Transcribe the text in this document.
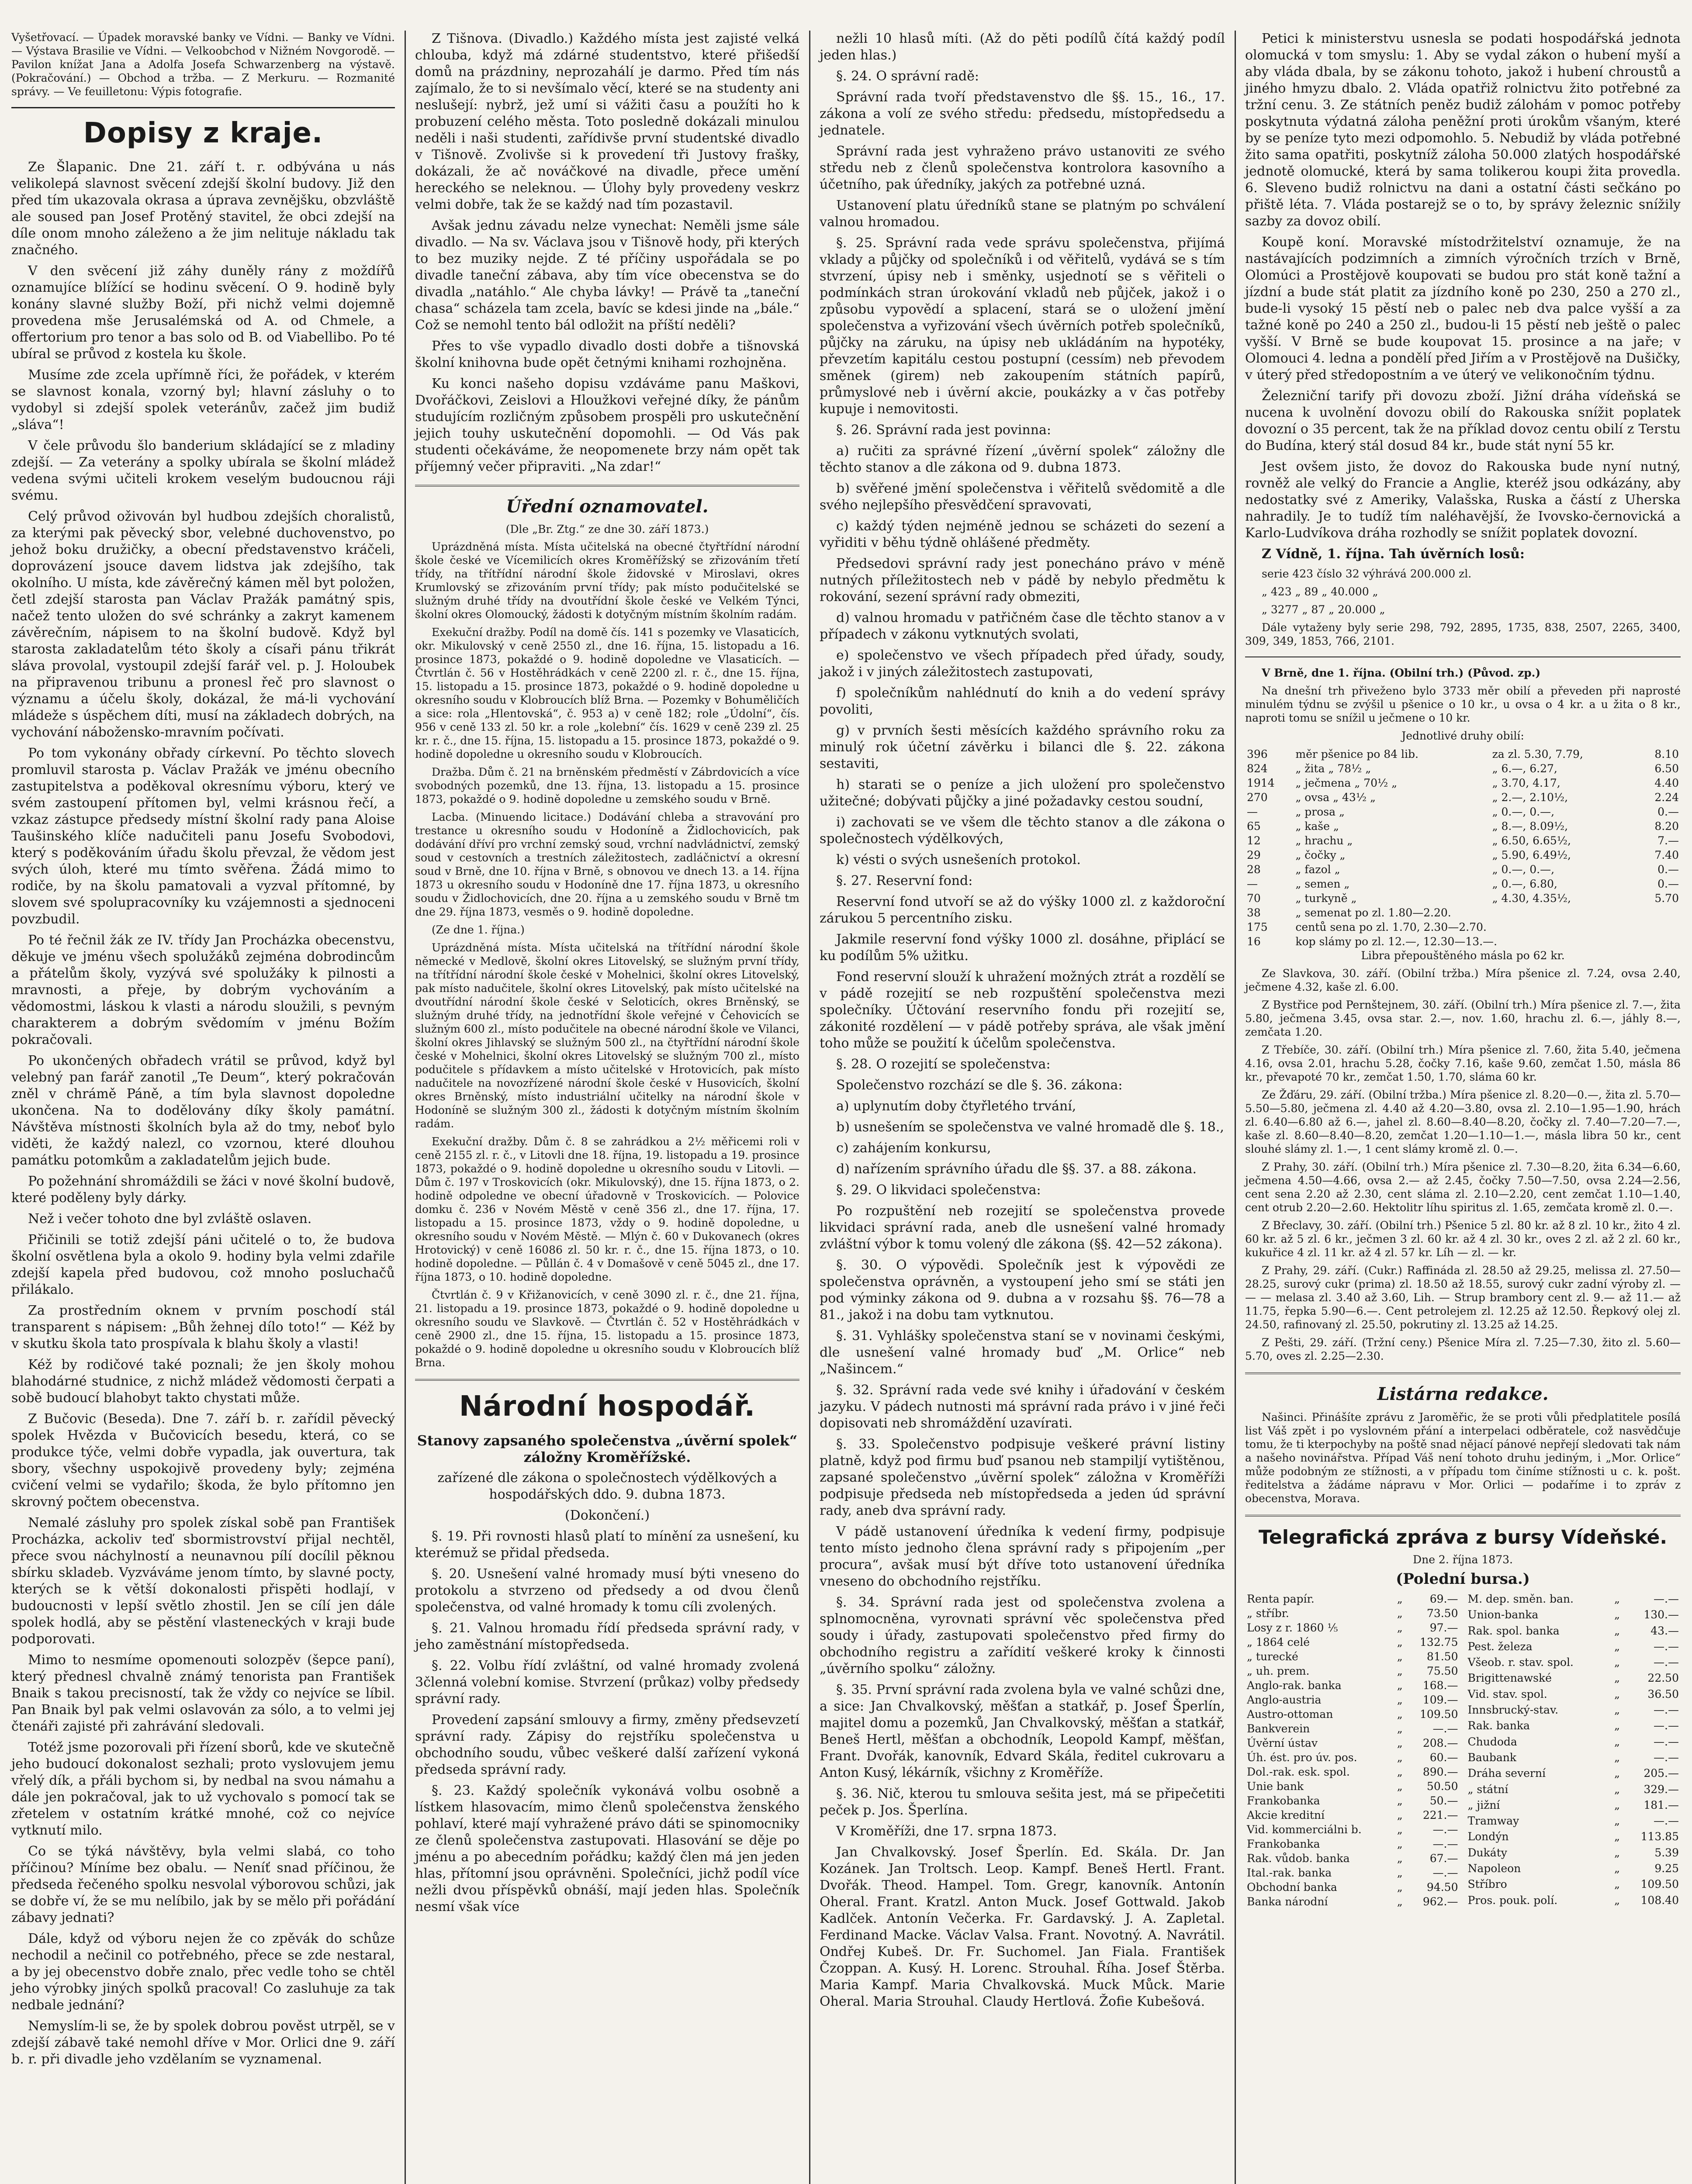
Vyšetřovací. — Úpadek moravské banky ve Vídni. — Banky ve Vídni. — Výstava Brasilie ve Vídni. — Velkoobchod v Nižném Novgorodě. — Pavilon knížat Jana a Adolfa Josefa Schwarzenberg na výstavě. (Pokračování.) — Obchod a tržba. — Z Merkuru. — Rozmanité správy. — Ve feuilletonu: Výpis fotografie.

Dopisy z kraje.

Ze Šlapanic. Dne 21. září t. r. odbývána u nás velikolepá slavnost svěcení zdejší školní budovy. Již den před tím ukazovala okrasa a úprava zevnějšku, obzvláště ale soused pan Josef Protěný stavitel, že obci zdejší na díle onom mnoho záleženo a že jim nelituje nákladu tak značného.

V den svěcení již záhy duněly rány z moždířů oznamujíce blížící se hodinu svěcení. O 9. hodině byly konány slavné služby Boží, při nichž velmi dojemně provedena mše Jerusalémská od A. od Chmele, a offertorium pro tenor a bas solo od B. od Viabellibo. Po té ubíral se průvod z kostela ku škole.

Musíme zde zcela upřímně říci, že pořádek, v kterém se slavnost konala, vzorný byl; hlavní zásluhy o to vydobyl si zdejší spolek veteránův, začež jim budiž „sláva“!

V čele průvodu šlo banderium skládající se z mladiny zdejší. — Za veterány a spolky ubírala se školní mládež vedena svými učiteli krokem veselým budoucnou ráji svému.

Celý průvod oživován byl hudbou zdejších choralistů, za kterými pak pěvecký sbor, velebné duchovenstvo, po jehož boku družičky, a obecní představenstvo kráčeli, doprovázení jsouce davem lidstva jak zdejšího, tak okolního. U místa, kde závěrečný kámen měl byt položen, četl zdejší starosta pan Václav Pražák památný spis, načež tento uložen do své schránky a zakryt kamenem závěrečním, nápisem to na školní budově. Když byl starosta zakladatelům této školy a císaři pánu třikrát sláva provolal, vystoupil zdejší farář vel. p. J. Holoubek na připravenou tribunu a pronesl řeč pro slavnost o významu a účelu školy, dokázal, že má-li vychování mládeže s úspěchem díti, musí na základech dobrých, na vychování nábožensko-mravním počívati.

Po tom vykonány obřady církevní. Po těchto slovech promluvil starosta p. Václav Pražák ve jménu obecního zastupitelstva a poděkoval okresnímu výboru, který ve svém zastoupení přítomen byl, velmi krásnou řečí, a vzkaz zástupce předsedy místní školní rady pana Aloise Taušinského klíče nadučiteli panu Josefu Svobodovi, který s poděkováním úřadu školu převzal, že vědom jest svých úloh, které mu tímto svěřena. Žádá mimo to rodiče, by na školu pamatovali a vyzval přítomné, by slovem své spolupracovníky ku vzájemnosti a sjednoceni povzbudil.

Po té řečnil žák ze IV. třídy Jan Procházka obecenstvu, děkuje ve jménu všech spolužáků zejména dobrodincům a přátelům školy, vyzývá své spolužáky k pilnosti a mravnosti, a přeje, by dobrým vychováním a vědomostmi, láskou k vlasti a národu sloužili, s pevným charakterem a dobrým svědomím v jménu Božím pokračovali.

Po ukončených obřadech vrátil se průvod, když byl velebný pan farář zanotil „Te Deum“, který pokračován zněl v chrámě Páně, a tím byla slavnost dopoledne ukončena. Na to dodělovány díky školy památní. Návštěva místnosti školních byla až do tmy, neboť bylo viděti, že každý nalezl, co vzornou, které dlouhou památku potomkům a zakladatelům jejich bude.

Po požehnání shromáždili se žáci v nové školní budově, které poděleny byly dárky.

Než i večer tohoto dne byl zvláště oslaven.

Přičinili se totiž zdejší páni učitelé o to, že budova školní osvětlena byla a okolo 9. hodiny byla velmi zdařile zdejší kapela před budovou, což mnoho posluchačů přilákalo.

Za prostředním oknem v prvním poschodí stál transparent s nápisem: „Bůh žehnej dílo toto!“ — Kéž by v skutku škola tato prospívala k blahu školy a vlasti!

Kéž by rodičové také poznali; že jen školy mohou blahodárné studnice, z nichž mládež vědomosti čerpati a sobě budoucí blahobyt takto chystati může.

Z Bučovic (Beseda). Dne 7. září b. r. zařídil pěvecký spolek Hvězda v Bučovicích besedu, která, co se produkce týče, velmi dobře vypadla, jak ouvertura, tak sbory, všechny uspokojivě provedeny byly; zejména cvičení velmi se vydařilo; škoda, že bylo přítomno jen skrovný počtem obecenstva.

Nemalé zásluhy pro spolek získal sobě pan František Procházka, ackoliv teď sbormistrovství přijal nechtěl, přece svou náchylností a neunavnou pílí docílil pěknou sbírku skladeb. Vyzváváme jenom tímto, by slavné pocty, kterých se k větší dokonalosti přispěti hodlají, v budoucnosti v lepší světlo zhostil. Jen se cílí jen dále spolek hodlá, aby se pěstění vlasteneckých v kraji bude podporovati.

Mimo to nesmíme opomenouti solozpěv (šepce paní), který přednesl chvalně známý tenorista pan František Bnaik s takou precisností, tak že vždy co nejvíce se líbil. Pan Bnaik byl pak velmi oslavován za sólo, a to velmi jej čtenáři zajisté při zahrávání sledovali.

Totéž jsme pozorovali při řízení sborů, kde ve skutečně jeho budoucí dokonalost sezhali; proto vyslovujem jemu vřelý dík, a přáli bychom si, by nedbal na svou námahu a dále jen pokračoval, jak to už vychovalo s pomocí tak se zřetelem v ostatním krátké mnohé, což co nejvíce vytknutí milo.

Co se týká návštěvy, byla velmi slabá, co toho příčinou? Míníme bez obalu. — Neníť snad příčinou, že předseda řečeného spolku nesvolal výborovou schůzi, jak se dobře ví, že se mu nelíbilo, jak by se mělo při pořádání zábavy jednati?

Dále, když od výboru nejen že co zpěvák do schůze nechodil a nečinil co potřebného, přece se zde nestaral, a by jej obecenstvo dobře znalo, přec vedle toho se chtěl jeho výrobky jiných spolků pracoval! Co zasluhuje za tak nedbale jednání?

Nemyslím-li se, že by spolek dobrou pověst utrpěl, se v zdejší zábavě také nemohl dříve v Mor. Orlici dne 9. září b. r. při divadle jeho vzdělaním se vyznamenal.

Z Tišnova. (Divadlo.) Každého místa jest zajisté velká chlouba, když má zdárné studentstvo, které přišedší domů na prázdniny, neprozahálí je darmo. Před tím nás zajímalo, že to si nevšímalo věcí, které se na studenty ani neslušejí: nybrž, jež umí si vážiti času a použíti ho k probuzení celého města. Toto posledně dokázali minulou neděli i naši studenti, zařídivše první studentské divadlo v Tišnově. Zvolivše si k provedení tři Justovy frašky, dokázali, že ač nováčkové na divadle, přece umění hereckého se neleknou. — Úlohy byly provedeny veskrz velmi dobře, tak že se každý nad tím pozastavil.

Avšak jednu závadu nelze vynechat: Neměli jsme sále divadlo. — Na sv. Václava jsou v Tišnově hody, při kterých to bez muziky nejde. Z té příčiny uspořádala se po divadle taneční zábava, aby tím více obecenstva se do divadla „natáhlo.“ Ale chyba lávky! — Právě ta „taneční chasa“ scházela tam zcela, bavíc se kdesi jinde na „bále.“ Což se nemohl tento bál odložit na příští neděli?

Přes to vše vypadlo divadlo dosti dobře a tišnovská školní knihovna bude opět četnými knihami rozhojněna.

Ku konci našeho dopisu vzdáváme panu Maškovi, Dvořáčkovi, Zeislovi a Hloužkovi veřejné díky, že pánům studujícím rozličným způsobem prospěli pro uskutečnění jejich touhy uskutečnění dopomohli. — Od Vás pak studenti očekáváme, že neopomenete brzy nám opět tak příjemný večer připraviti. „Na zdar!“

Úřední oznamovatel.
(Dle „Br. Ztg.“ ze dne 30. září 1873.)

Uprázdněná místa. Místa učitelská na obecné čtyřtřídní národní škole české ve Vícemilicích okres Kroměřížský se zřizováním třetí třídy, na třítřídní národní škole židovské v Miroslavi, okres Krumlovský se zřizováním první třídy; pak místo podučitelské se služným druhé třídy na dvoutřídní škole české ve Velkém Týnci, školní okres Olomoucký, žádosti k dotyčným místním školním radám.

Exekuční dražby. Podíl na domě čís. 141 s pozemky ve Vlasaticích, okr. Mikulovský v ceně 2550 zl., dne 16. října, 15. listopadu a 16. prosince 1873, pokaždé o 9. hodině dopoledne ve Vlasaticích. — Čtvrtlán č. 56 v Hostěhrádkách v ceně 2200 zl. r. č., dne 15. října, 15. listopadu a 15. prosince 1873, pokaždé o 9. hodině dopoledne u okresního soudu v Klobroucích blíž Brna. — Pozemky v Bohuměličích a sice: rola „Hlentovská“, č. 953 a) v ceně 182; role „Údolní“, čís. 956 v ceně 133 zl. 50 kr. a role „kolební“ čís. 1629 v ceně 239 zl. 25 kr. r. č., dne 15. října, 15. listopadu a 15. prosince 1873, pokaždé o 9. hodině dopoledne u okresního soudu v Klobroucích.

Dražba. Dům č. 21 na brněnském předměstí v Zábrdovicích a více svobodných pozemků, dne 13. října, 13. listopadu a 15. prosince 1873, pokaždé o 9. hodině dopoledne u zemského soudu v Brně.

Lacba. (Minuendo licitace.) Dodávání chleba a stravování pro trestance u okresního soudu v Hodoníně a Židlochovicích, pak dodávání dříví pro vrchní zemský soud, vrchní nadvládnictví, zemský soud v cestovních a trestních záležitostech, zadláčnictví a okresní soud v Brně, dne 10. října v Brně, s obnovou ve dnech 13. a 14. října 1873 u okresního soudu v Hodoníně dne 17. října 1873, u okresního soudu v Židlochovicích, dne 20. října a u zemského soudu v Brně tm dne 29. října 1873, vesměs o 9. hodině dopoledne.

(Ze dne 1. října.)

Uprázdněná místa. Místa učitelská na třítřídní národní škole německé v Medlově, školní okres Litovelský, se služným první třídy, na třítřídní národní škole české v Mohelnici, školní okres Litovelský, pak místo nadučitele, školní okres Litovelský, pak místo učitelské na dvoutřídní národní škole české v Seloticích, okres Brněnský, se služným druhé třídy, na jednotřídní škole veřejné v Čehovicích se služným 600 zl., místo podučitele na obecné národní škole ve Vilanci, školní okres Jihlavský se služným 500 zl., na čtyřtřídní národní škole české v Mohelnici, školní okres Litovelský se služným 700 zl., místo podučitele s přídavkem a místo učitelské v Hrotovicích, pak místo nadučitele na novozřízené národní škole české v Husovicích, školní okres Brněnský, místo industriální učitelky na národní škole v Hodoníně se služným 300 zl., žádosti k dotyčným místním školním radám.

Exekuční dražby. Dům č. 8 se zahrádkou a 2½ měřicemi roli v ceně 2155 zl. r. č., v Litovli dne 18. října, 19. listopadu a 19. prosince 1873, pokaždé o 9. hodině dopoledne u okresního soudu v Litovli. — Dům č. 197 v Troskovicích (okr. Mikulovský), dne 15. října 1873, o 2. hodině odpoledne ve obecní úřadovně v Troskovicích. — Polovice domku č. 236 v Novém Městě v ceně 356 zl., dne 17. října, 17. listopadu a 15. prosince 1873, vždy o 9. hodině dopoledne, u okresního soudu v Novém Městě. — Mlýn č. 60 v Dukovanech (okres Hrotovický) v ceně 16086 zl. 50 kr. r. č., dne 15. října 1873, o 10. hodině dopoledne. — Půllán č. 4 v Domašově v ceně 5045 zl., dne 17. října 1873, o 10. hodině dopoledne.

Čtvrtlán č. 9 v Křižanovicích, v ceně 3090 zl. r. č., dne 21. října, 21. listopadu a 19. prosince 1873, pokaždé o 9. hodině dopoledne u okresního soudu ve Slavkově. — Čtvrtlán č. 52 v Hostěhrádkách v ceně 2900 zl., dne 15. října, 15. listopadu a 15. prosince 1873, pokaždé o 9. hodině dopoledne u okresního soudu v Klobroucích blíž Brna.

Národní hospodář.

Stanovy zapsaného společenstva „úvěrní spolek“ záložny Kroměřížské.

zařízené dle zákona o společnostech výdělkových a hospodářských ddo. 9. dubna 1873.

(Dokončení.)

§. 19. Při rovnosti hlasů platí to mínění za usnešení, ku kterémuž se přidal předseda.

§. 20. Usnešení valné hromady musí býti vneseno do protokolu a stvrzeno od předsedy a od dvou členů společenstva, od valné hromady k tomu cíli zvolených.

§. 21. Valnou hromadu řídí předseda správní rady, v jeho zaměstnání místopředseda.

§. 22. Volbu řídí zvláštní, od valné hromady zvolená 3členná volební komise. Stvrzení (průkaz) volby předsedy správní rady.

Provedení zapsání smlouvy a firmy, změny předsevzetí správní rady. Zápisy do rejstříku společenstva u obchodního soudu, vůbec veškeré další zařízení vykoná předseda správní rady.

§. 23. Každý společník vykonává volbu osobně a lístkem hlasovacím, mimo členů společenstva ženského pohlaví, které mají vyhražené právo dáti se spinomocniky ze členů společenstva zastupovati. Hlasování se děje po jménu a po abecedním pořádku; každý člen má jen jeden hlas, přítomní jsou oprávněni. Společníci, jichž podíl více nežli dvou příspěvků obnáší, mají jeden hlas. Společník nesmí však více

nežli 10 hlasů míti. (Až do pěti podílů čítá každý podíl jeden hlas.)

§. 24. O správní radě:

Správní rada tvoří představenstvo dle §§. 15., 16., 17. zákona a volí ze svého středu: předsedu, místopředsedu a jednatele.

Správní rada jest vyhraženo právo ustanoviti ze svého středu neb z členů společenstva kontrolora kasovního a účetního, pak úředníky, jakých za potřebné uzná.

Ustanovení platu úředníků stane se platným po schválení valnou hromadou.

§. 25. Správní rada vede správu společenstva, přijímá vklady a půjčky od společníků i od věřitelů, vydává se s tím stvrzení, úpisy neb i směnky, usjednotí se s věřiteli o podmínkách stran úrokování vkladů neb půjček, jakož i o způsobu vypovědí a splacení, stará se o uložení jmění společenstva a vyřizování všech úvěrních potřeb společníků, půjčky na záruku, na úpisy neb ukládáním na hypotéky, převzetím kapitálu cestou postupní (cessím) neb převodem směnek (girem) neb zakoupením státních papírů, průmyslové neb i úvěrní akcie, poukázky a v čas potřeby kupuje i nemovitosti.

§. 26. Správní rada jest povinna:

a) ručiti za správné řízení „úvěrní spolek“ záložny dle těchto stanov a dle zákona od 9. dubna 1873.

b) svěřené jmění společenstva i věřitelů svědomitě a dle svého nejlepšího přesvědčení spravovati,

c) každý týden nejméně jednou se scházeti do sezení a vyřiditi v běhu týdně ohlášené předměty.

Předsedovi správní rady jest ponecháno právo v méně nutných příležitostech neb v pádě by nebylo předmětu k rokování, sezení správní rady obmeziti,

d) valnou hromadu v patřičném čase dle těchto stanov a v případech v zákonu vytknutých svolati,

e) společenstvo ve všech případech před úřady, soudy, jakož i v jiných záležitostech zastupovati,

f) společníkům nahlédnutí do knih a do vedení správy povoliti,

g) v prvních šesti měsících každého správního roku za minulý rok účetní závěrku i bilanci dle §. 22. zákona sestaviti,

h) starati se o peníze a jich uložení pro společenstvo užitečné; dobývati půjčky a jiné požadavky cestou soudní,

i) zachovati se ve všem dle těchto stanov a dle zákona o společnostech výdělkových,

k) vésti o svých usnešeních protokol.

§. 27. Reservní fond:

Reservní fond utvoří se až do výšky 1000 zl. z každoroční zárukou 5 percentního zisku.

Jakmile reservní fond výšky 1000 zl. dosáhne, připlácí se ku podílům 5% užitku.

Fond reservní slouží k uhražení možných ztrát a rozdělí se v pádě rozejití se neb rozpuštění společenstva mezi společníky. Účtování reservního fondu při rozejití se, zákonité rozdělení — v pádě potřeby správa, ale však jmění toho může se použití k účelům společenstva.

§. 28. O rozejití se společenstva:

Společenstvo rozchází se dle §. 36. zákona:

a) uplynutím doby čtyřletého trvání,

b) usnešením se společenstva ve valné hromadě dle §. 18.,

c) zahájením konkursu,

d) nařízením správního úřadu dle §§. 37. a 88. zákona.

§. 29. O likvidaci společenstva:

Po rozpuštění neb rozejití se společenstva provede likvidaci správní rada, aneb dle usnešení valné hromady zvláštní výbor k tomu volený dle zákona (§§. 42—52 zákona).

§. 30. O výpovědi. Společník jest k výpovědi ze společenstva oprávněn, a vystoupení jeho smí se státi jen pod výminky zákona od 9. dubna a v rozsahu §§. 76—78 a 81., jakož i na dobu tam vytknutou.

§. 31. Vyhlášky společenstva staní se v novinami českými, dle usnešení valné hromady buď „M. Orlice“ neb „Našincem.“

§. 32. Správní rada vede své knihy i úřadování v českém jazyku. V pádech nutnosti má správní rada právo i v jiné řeči dopisovati neb shromáždění uzavírati.

§. 33. Společenstvo podpisuje veškeré právní listiny platně, když pod firmu buď psanou neb stampiljí vytištěnou, zapsané společenstvo „úvěrní spolek“ záložna v Kroměříži podpisuje předseda neb místopředseda a jeden úd správní rady, aneb dva správní rady.

V pádě ustanovení úředníka k vedení firmy, podpisuje tento místo jednoho člena správní rady s připojením „per procura“, avšak musí být dříve toto ustanovení úředníka vneseno do obchodního rejstříku.

§. 34. Správní rada jest od společenstva zvolena a splnomocněna, vyrovnati správní věc společenstva před soudy i úřady, zastupovati společenstvo před firmy do obchodního registru a zařídití veškeré kroky k činnosti „úvěrního spolku“ záložny.

§. 35. První správní rada zvolena byla ve valné schůzi dne, a sice: Jan Chvalkovský, měšťan a statkář, p. Josef Šperlín, majitel domu a pozemků, Jan Chvalkovský, měšťan a statkář, Beneš Hertl, měšťan a obchodník, Leopold Kampf, měšťan, Frant. Dvořák, kanovník, Edvard Skála, ředitel cukrovaru a Anton Kusý, lékárník, všichny z Kroměříže.

§. 36. Nič, kterou tu smlouva sešita jest, má se připečetiti peček p. Jos. Šperlína.

V Kroměříži, dne 17. srpna 1873.

Jan Chvalkovský. Josef Šperlín. Ed. Skála. Dr. Jan Kozánek. Jan Troltsch. Leop. Kampf. Beneš Hertl. Frant. Dvořák. Theod. Hampel. Tom. Gregr, kanovník. Antonín Oheral. Frant. Kratzl. Anton Muck. Josef Gottwald. Jakob Kadlček. Antonín Večerka. Fr. Gardavský. J. A. Zapletal. Ferdinand Macke. Václav Valsa. Frant. Novotný. A. Navrátil. Ondřej Kubeš. Dr. Fr. Suchomel. Jan Fiala. František Čzoppan. A. Kusý. H. Lorenc. Strouhal. Říha. Josef Štěrba. Maria Kampf. Maria Chvalkovská. Muck Můck. Marie Oheral. Maria Strouhal. Claudy Hertlová. Žofie Kubešová.

Petici k ministerstvu usnesla se podati hospodářská jednota olomucká v tom smyslu: 1. Aby se vydal zákon o hubení myší a aby vláda dbala, by se zákonu tohoto, jakož i hubení chroustů a jiného hmyzu dbalo. 2. Vláda opatřiž rolnictvu žito potřebné za tržní cenu. 3. Ze státních peněz budiž zálohám v pomoc potřeby poskytnuta výdatná záloha peněžní proti úrokům všaným, které by se peníze tyto mezi odpomohlo. 5. Nebudiž by vláda potřebné žito sama opatřiti, poskytníž záloha 50.000 zlatých hospodářské jednotě olomucké, která by sama tolikerou koupi žita provedla. 6. Sleveno budiž rolnictvu na dani a ostatní části sečkáno po přiště léta. 7. Vláda postarejž se o to, by správy železnic snížily sazby za dovoz obilí.

Koupě koní. Moravské místodržitelství oznamuje, že na nastávajících podzimních a zimních výročních trzích v Brně, Olomúci a Prostějově koupovati se budou pro stát koně tažní a jízdní a bude stát platit za jízdního koně po 230, 250 a 270 zl., bude-li vysoký 15 pěstí neb o palec neb dva palce vyšší a za tažné koně po 240 a 250 zl., budou-li 15 pěstí neb ještě o palec vyšší. V Brně se bude koupovat 15. prosince a na jaře; v Olomouci 4. ledna a pondělí před Jiřím a v Prostějově na Dušičky, v úterý před středopostním a ve úterý ve velikonočním týdnu.

Železniční tarify při dovozu zboží. Jižní dráha vídeňská se nucena k uvolnění dovozu obilí do Rakouska snížit poplatek dovozní o 35 percent, tak že na příklad dovoz centu obilí z Terstu do Budína, který stál dosud 84 kr., bude stát nyní 55 kr.

Jest ovšem jisto, že dovoz do Rakouska bude nyní nutný, rovněž ale velký do Francie a Anglie, kteréž jsou odkázány, aby nedostatky své z Ameriky, Valašska, Ruska a částí z Uherska nahradily. Je to tudíž tím naléhavější, že Ivovsko-černovická a Karlo-Ludvíkova dráha rozhodly se snížit poplatek dovozní.

Z Vídně, 1. října. Tah úvěrních losů:

serie 423 číslo 32 výhrává 200.000 zl.

„ 423 „ 89 „ 40.000 „

„ 3277 „ 87 „ 20.000 „

Dále vytaženy byly serie 298, 792, 2895, 1735, 838, 2507, 2265, 3400, 309, 349, 1853, 766, 2101.

V Brně, dne 1. října. (Obilní trh.) (Původ. zp.)

Na dnešní trh přiveženo bylo 3733 měr obilí a převeden při naprosté minulém týdnu se zvýšil u pšenice o 10 kr., u ovsa o 4 kr. a u žita o 8 kr., naproti tomu se snížil u ječmene o 10 kr.

Jednotlivé druhy obilí:

396	měr pšenice po 84 lib.	za zl. 5.30, 7.79,	8.10
824	„ žita „ 78½ „	„ 6.—, 6.27,	6.50
1914	„ ječmena „ 70½ „	„ 3.70, 4.17,	4.40
270	„ ovsa „ 43½ „	„ 2.—, 2.10½,	2.24
—	„ prosa „	„ 0.—, 0.—,	0.—
65	„ kaše „	„ 8.—, 8.09½,	8.20
12	„ hrachu „	„ 6.50, 6.65½,	7.—
29	„ čočky „	„ 5.90, 6.49½,	7.40
28	„ fazol „	„ 0.—, 0.—,	0.—
—	„ semen „	„ 0.—, 6.80,	0.—
70	„ turkyně „	„ 4.30, 4.35½,	5.70
38	„ semenat po zl. 1.80—2.20.		
175	centů sena po zl. 1.70, 2.30—2.70.		
16	kop slámy po zl. 12.—, 12.30—13.—.		

Libra přepouštěného másla po 62 kr.

Ze Slavkova, 30. září. (Obilní tržba.) Míra pšenice zl. 7.24, ovsa 2.40, ječmene 4.32, kaše zl. 6.00.

Z Bystřice pod Pernštejnem, 30. září. (Obilní trh.) Míra pšenice zl. 7.—, žita 5.80, ječmena 3.45, ovsa star. 2.—, nov. 1.60, hrachu zl. 6.—, jáhly 8.—, zemčata 1.20.

Z Třebíče, 30. září. (Obilní trh.) Míra pšenice zl. 7.60, žita 5.40, ječmena 4.16, ovsa 2.01, hrachu 5.28, čočky 7.16, kaše 9.60, zemčat 1.50, másla 86 kr., převapoté 70 kr., zemčat 1.50, 1.70, sláma 60 kr.

Ze Žďáru, 29. září. (Obilní tržba.) Míra pšenice zl. 8.20—0.—, žita zl. 5.70—5.50—5.80, ječmena zl. 4.40 až 4.20—3.80, ovsa zl. 2.10—1.95—1.90, hrách zl. 6.40—6.80 až 6.—, jahel zl. 8.60—8.40—8.20, čočky zl. 7.40—7.20—7.—, kaše zl. 8.60—8.40—8.20, zemčat 1.20—1.10—1.—, másla libra 50 kr., cent slouhé slámy zl. 1.—, 1 cent slámy kromě zl. 0.—.

Z Prahy, 30. září. (Obilní trh.) Míra pšenice zl. 7.30—8.20, žita 6.34—6.60, ječmena 4.50—4.66, ovsa 2.— až 2.45, čočky 7.50—7.50, ovsa 2.24—2.56, cent sena 2.20 až 2.30, cent sláma zl. 2.10—2.20, cent zemčat 1.10—1.40, cent otrub 2.20—2.60. Hektolitr líhu spiritus zl. 1.65, zemčata kromě zl. 0.—.

Z Břeclavy, 30. září. (Obilní trh.) Pšenice 5 zl. 80 kr. až 8 zl. 10 kr., žito 4 zl. 60 kr. až 5 zl. 6 kr., ječmen 3 zl. 60 kr. až 4 zl. 30 kr., oves 2 zl. až 2 zl. 60 kr., kukuřice 4 zl. 11 kr. až 4 zl. 57 kr. Líh — zl. — kr.

Z Prahy, 29. září. (Cukr.) Raffináda zl. 28.50 až 29.25, melissa zl. 27.50—28.25, surový cukr (prima) zl. 18.50 až 18.55, surový cukr zadní výroby zl. — — — melasa zl. 3.40 až 3.60, Lih. — Strup brambory cent zl. 9.— až 11.— až 11.75, řepka 5.90—6.—. Cent petrolejem zl. 12.25 až 12.50. Řepkový olej zl. 24.50, rafinovaný zl. 25.50, pokrutiny zl. 13.25 až 14.25.

Z Pešti, 29. září. (Tržní ceny.) Pšenice Míra zl. 7.25—7.30, žito zl. 5.60—5.70, oves zl. 2.25—2.30.

Listárna redakce.

Našinci. Přinášíte zprávu z Jaroměřic, že se proti vůli předplatitele posílá list Váš zpět i po vyslovném přání a interpelaci odběratele, což nasvědčuje tomu, že ti kterpochyby na poště snad nějací pánové nepřejí sledovati tak nám a našeho novinářstva. Případ Váš není tohoto druhu jediným, i „Mor. Orlice“ může podobným ze stížnosti, a v případu tom činíme stížnosti u c. k. pošt. ředitelstva a žádáme nápravu v Mor. Orlici — podaříme i to zpráv z obecenstva, Morava.

Telegrafická zpráva z bursy Vídeňské.

Dne 2. října 1873.

(Polední bursa.)

Renta papír.	„	69.—
„ stříbr.	„	73.50
Losy z r. 1860 ⅕	„	97.—
„ 1864 celé	„	132.75
„ turecké	„	81.50
„ uh. prem.	„	75.50
Anglo-rak. banka	„	168.—
Anglo-austria	„	109.—
Austro-ottoman	„	109.50
Bankverein	„	—.—
Úvěrní ústav	„	208.—
Úh. ést. pro úv. pos.	„	60.—
Dol.-rak. esk. spol.	„	890.—
Unie bank	„	50.50
Frankobanka	„	50.—
Akcie kreditní	„	221.—
Vid. kommerciálni b.	„	—.—
Frankobanka	„	—.—
Rak. vůdob. banka	„	67.—
Ital.-rak. banka	„	—.—
Obchodní banka	„	94.50
Banka národní	„	962.—
M. dep. směn. ban.	„	—.—
Union-banka	„	130.—
Rak. spol. banka	„	43.—
Pest. železa	„	—.—
Všeob. r. stav. spol.	„	—.—
Brigittenawské	„	22.50
Vid. stav. spol.	„	36.50
Innsbrucký-stav.	„	—.—
Rak. banka	„	—.—
Chudoda	„	—.—
Baubank	„	—.—
Dráha severní	„	205.—
„ státní	„	329.—
„ jižní	„	181.—
Tramway	„	—.—
Londýn	„	113.85
Dukáty	„	5.39
Napoleon	„	9.25
Stříbro	„	109.50
Pros. pouk. polí.	„	108.40
